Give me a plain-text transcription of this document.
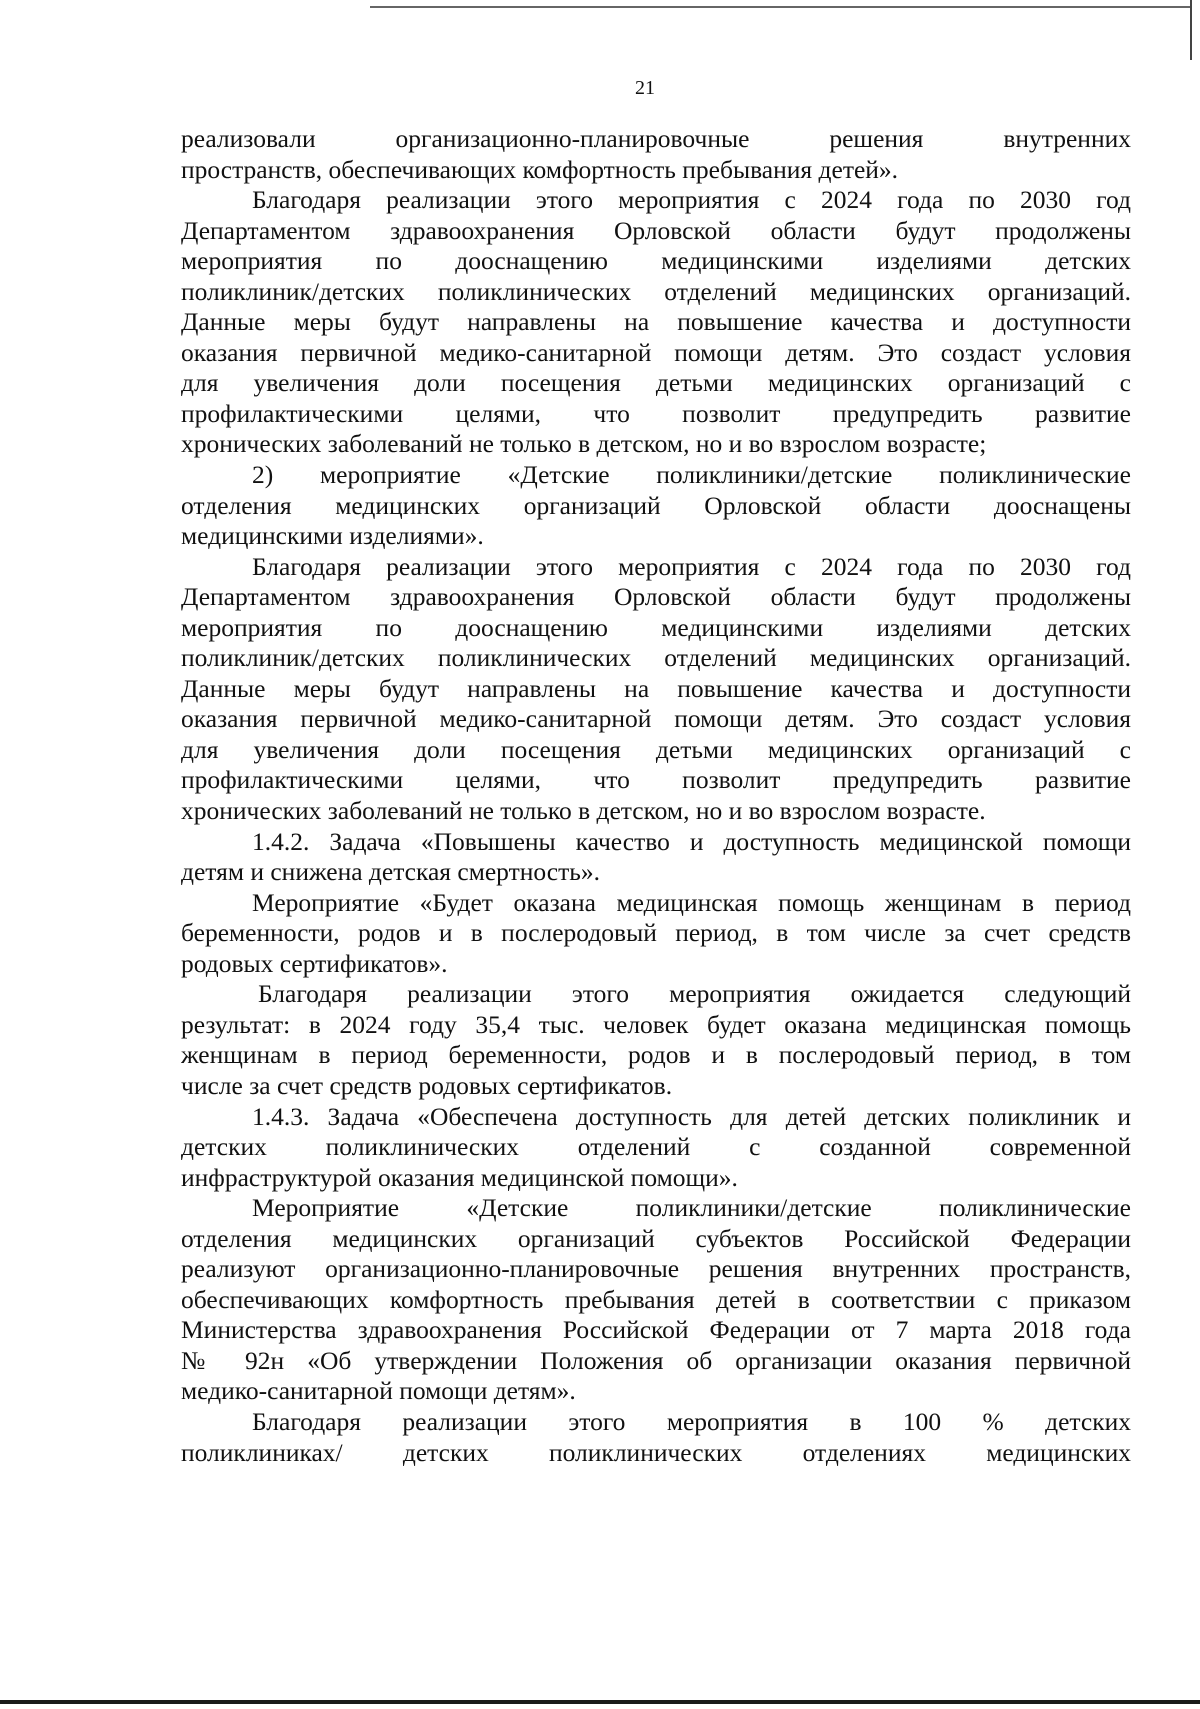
21
реализовали организационно-планировочные решения внутренних
пространств, обеспечивающих комфортность пребывания детей».
Благодаря реализации этого мероприятия с 2024 года по 2030 год
Департаментом здравоохранения Орловской области будут продолжены
мероприятия по дооснащению медицинскими изделиями детских
поликлиник/детских поликлинических отделений медицинских организаций.
Данные меры будут направлены на повышение качества и доступности
оказания первичной медико-санитарной помощи детям. Это создаст условия
для увеличения доли посещения детьми медицинских организаций с
профилактическими целями, что позволит предупредить развитие
хронических заболеваний не только в детском, но и во взрослом возрасте;
2) мероприятие «Детские поликлиники/детские поликлинические
отделения медицинских организаций Орловской области дооснащены
медицинскими изделиями».
Благодаря реализации этого мероприятия с 2024 года по 2030 год
Департаментом здравоохранения Орловской области будут продолжены
мероприятия по дооснащению медицинскими изделиями детских
поликлиник/детских поликлинических отделений медицинских организаций.
Данные меры будут направлены на повышение качества и доступности
оказания первичной медико-санитарной помощи детям. Это создаст условия
для увеличения доли посещения детьми медицинских организаций с
профилактическими целями, что позволит предупредить развитие
хронических заболеваний не только в детском, но и во взрослом возрасте.
1.4.2. Задача «Повышены качество и доступность медицинской помощи
детям и снижена детская смертность».
Мероприятие «Будет оказана медицинская помощь женщинам в период
беременности, родов и в послеродовый период, в том числе за счет средств
родовых сертификатов».
Благодаря реализации этого мероприятия ожидается следующий
результат: в 2024 году 35,4 тыс. человек будет оказана медицинская помощь
женщинам в период беременности, родов и в послеродовый период, в том
числе за счет средств родовых сертификатов.
1.4.3. Задача «Обеспечена доступность для детей детских поликлиник и
детских поликлинических отделений с созданной современной
инфраструктурой оказания медицинской помощи».
Мероприятие «Детские поликлиники/детские поликлинические
отделения медицинских организаций субъектов Российской Федерации
реализуют организационно-планировочные решения внутренних пространств,
обеспечивающих комфортность пребывания детей в соответствии с приказом
Министерства здравоохранения Российской Федерации от 7 марта 2018 года
№ 92н «Об утверждении Положения об организации оказания первичной
медико-санитарной помощи детям».
Благодаря реализации этого мероприятия в 100 % детских
поликлиниках/ детских поликлинических отделениях медицинских
